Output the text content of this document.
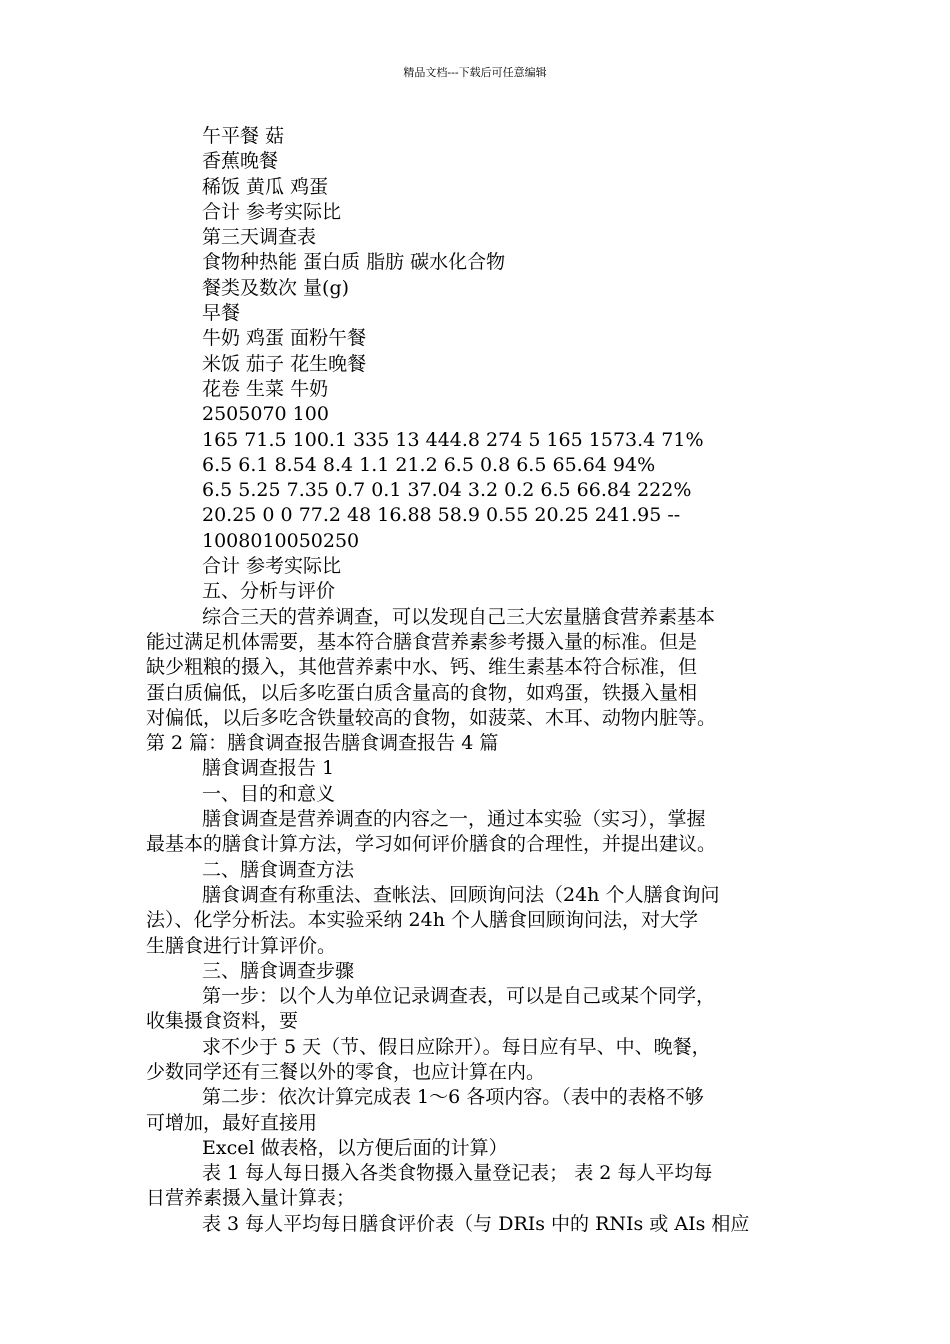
精品文档---下载后可任意编辑
午平餐 菇
香蕉晚餐
稀饭 黄瓜 鸡蛋
合计 参考实际比
第三天调查表
食物种热能 蛋白质 脂肪 碳水化合物
餐类及数次 量(g)
早餐
牛奶 鸡蛋 面粉午餐
米饭 茄子 花生晚餐
花卷 生菜 牛奶
2505070 100
165 71.5 100.1 335 13 444.8 274 5 165 1573.4 71%
6.5 6.1 8.54 8.4 1.1 21.2 6.5 0.8 6.5 65.64 94%
6.5 5.25 7.35 0.7 0.1 37.04 3.2 0.2 6.5 66.84 222%
20.25 0 0 77.2 48 16.88 58.9 0.55 20.25 241.95 --
1008010050250
合计 参考实际比
五、分析与评价
综合三天的营养调查，可以发现自己三大宏量膳食营养素基本
能过满足机体需要，基本符合膳食营养素参考摄入量的标准。但是
缺少粗粮的摄入，其他营养素中水、钙、维生素基本符合标准，但
蛋白质偏低，以后多吃蛋白质含量高的食物，如鸡蛋，铁摄入量相
对偏低，以后多吃含铁量较高的食物，如菠菜、木耳、动物内脏等。
第 2 篇：膳食调查报告膳食调查报告 4 篇
膳食调查报告 1
一、目的和意义
膳食调查是营养调查的内容之一，通过本实验（实习），掌握
最基本的膳食计算方法，学习如何评价膳食的合理性，并提出建议。
二、膳食调查方法
膳食调查有称重法、查帐法、回顾询问法（24h 个人膳食询问
法）、化学分析法。本实验采纳 24h 个人膳食回顾询问法，对大学
生膳食进行计算评价。
三、膳食调查步骤
第一步：以个人为单位记录调查表，可以是自己或某个同学，
收集摄食资料，要
求不少于 5 天（节、假日应除开）。每日应有早、中、晚餐，
少数同学还有三餐以外的零食，也应计算在内。
第二步：依次计算完成表 1～6 各项内容。（表中的表格不够
可增加，最好直接用
Excel 做表格，以方便后面的计算）
表 1 每人每日摄入各类食物摄入量登记表； 表 2 每人平均每
日营养素摄入量计算表；
表 3 每人平均每日膳食评价表（与 DRIs 中的 RNIs 或 AIs 相应
